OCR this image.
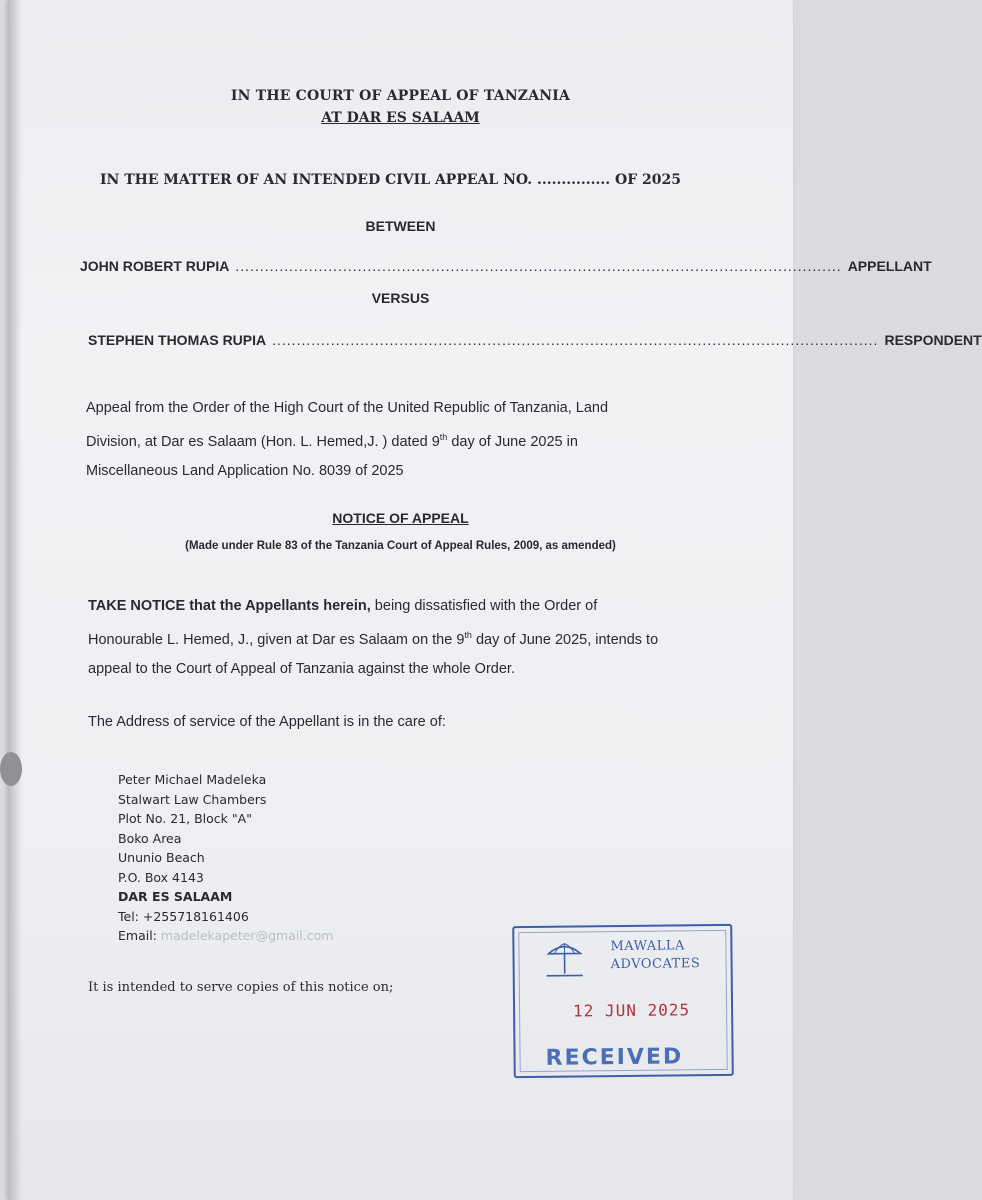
IN THE COURT OF APPEAL OF TANZANIA
AT DAR ES SALAAM
IN THE MATTER OF AN INTENDED CIVIL APPEAL NO. ............... OF 2025
BETWEEN
JOHN ROBERT RUPIA ............................................................................................................................ APPELLANT
VERSUS
STEPHEN THOMAS RUPIA ............................................................................................................................ RESPONDENT
Appeal from the Order of the High Court of the United Republic of Tanzania, Land
Division, at Dar es Salaam (Hon. L. Hemed,J. ) dated 9th day of June 2025 in
Miscellaneous Land Application No. 8039 of 2025
NOTICE OF APPEAL
(Made under Rule 83 of the Tanzania Court of Appeal Rules, 2009, as amended)
TAKE NOTICE that the Appellants herein, being dissatisfied with the Order of
Honourable L. Hemed, J., given at Dar es Salaam on the 9th day of June 2025, intends to
appeal to the Court of Appeal of Tanzania against the whole Order.
The Address of service of the Appellant is in the care of:
Peter Michael Madeleka
Stalwart Law Chambers
Plot No. 21, Block "A"
Boko Area
Ununio Beach
P.O. Box 4143
DAR ES SALAAM
Tel: +255718161406
Email: madelekapeter@gmail.com
It is intended to serve copies of this notice on;
MAWALLA
ADVOCATES
12 JUN 2025
RECEIVED
